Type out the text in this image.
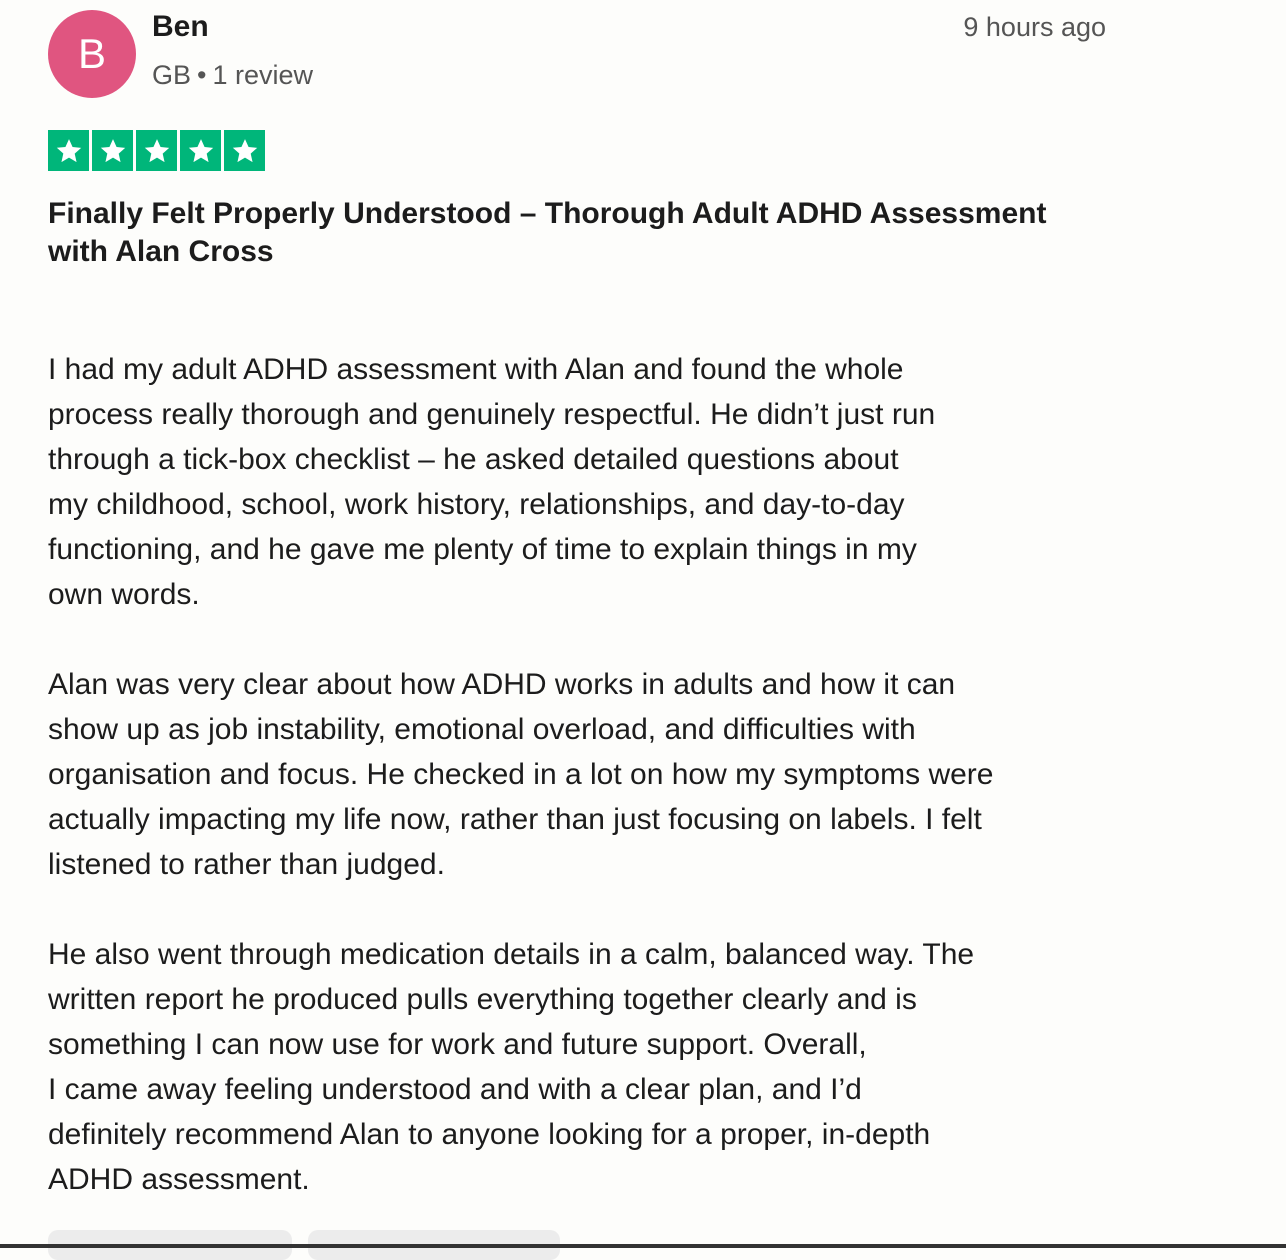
B
Ben
GB • 1 review
9 hours ago
Finally Felt Properly Understood – Thorough Adult ADHD Assessment with Alan Cross

I had my adult ADHD assessment with Alan and found the whole
process really thorough and genuinely respectful. He didn’t just run
through a tick-box checklist – he asked detailed questions about
my childhood, school, work history, relationships, and day-to-day
functioning, and he gave me plenty of time to explain things in my
own words.

Alan was very clear about how ADHD works in adults and how it can
show up as job instability, emotional overload, and difficulties with
organisation and focus. He checked in a lot on how my symptoms were
actually impacting my life now, rather than just focusing on labels. I felt
listened to rather than judged.

He also went through medication details in a calm, balanced way. The
written report he produced pulls everything together clearly and is
something I can now use for work and future support. Overall,
I came away feeling understood and with a clear plan, and I’d
definitely recommend Alan to anyone looking for a proper, in-depth
ADHD assessment.
